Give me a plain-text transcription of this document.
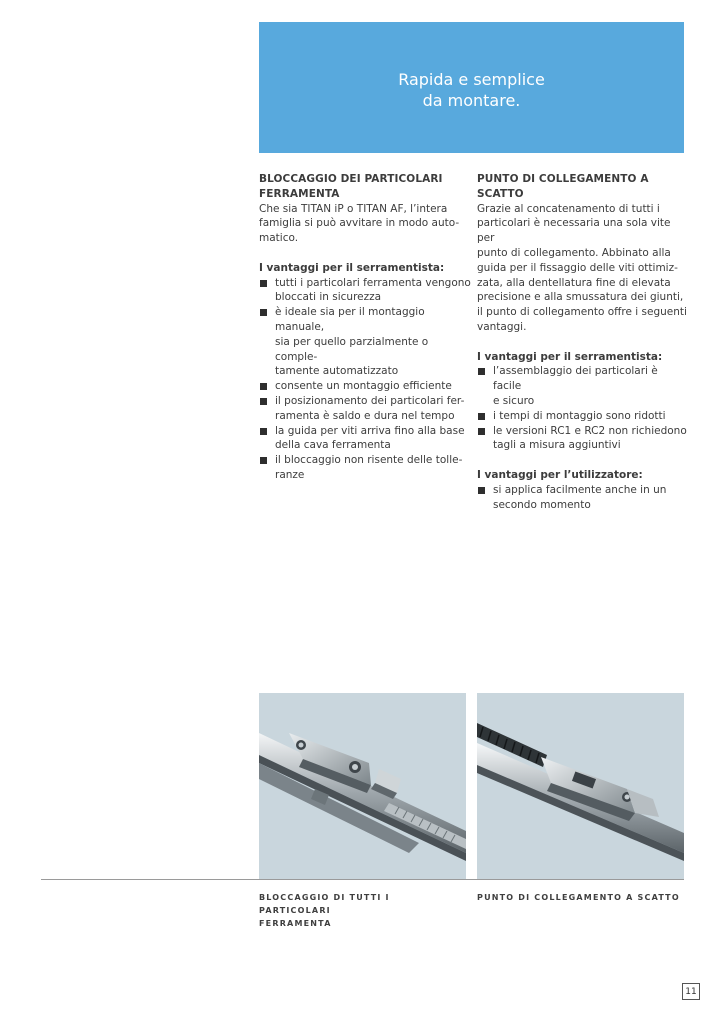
Rapida e semplice
da montare.
BLOCCAGGIO DEI PARTICOLARI
FERRAMENTA

Che sia TITAN iP o TITAN AF, l’intera
famiglia si può avvitare in modo auto-
matico.

I vantaggi per il serramentista:
tutti i particolari ferramenta vengono
bloccati in sicurezza
è ideale sia per il montaggio manuale,
sia per quello parzialmente o comple-
tamente automatizzato
consente un montaggio efficiente
il posizionamento dei particolari fer-
ramenta è saldo e dura nel tempo
la guida per viti arriva fino alla base
della cava ferramenta
il bloccaggio non risente delle tolle-
ranze
PUNTO DI COLLEGAMENTO A SCATTO

Grazie al concatenamento di tutti i
particolari è necessaria una sola vite per
punto di collegamento. Abbinato alla
guida per il fissaggio delle viti ottimiz-
zata, alla dentellatura fine di elevata
precisione e alla smussatura dei giunti,
il punto di collegamento offre i seguenti
vantaggi.

I vantaggi per il serramentista:
l’assemblaggio dei particolari è facile
e sicuro
i tempi di montaggio sono ridotti
le versioni RC1 e RC2 non richiedono
tagli a misura aggiuntivi
I vantaggi per l’utilizzatore:
si applica facilmente anche in un
secondo momento
BLOCCAGGIO DI TUTTI I PARTICOLARI
FERRAMENTA
PUNTO DI COLLEGAMENTO A SCATTO
11
